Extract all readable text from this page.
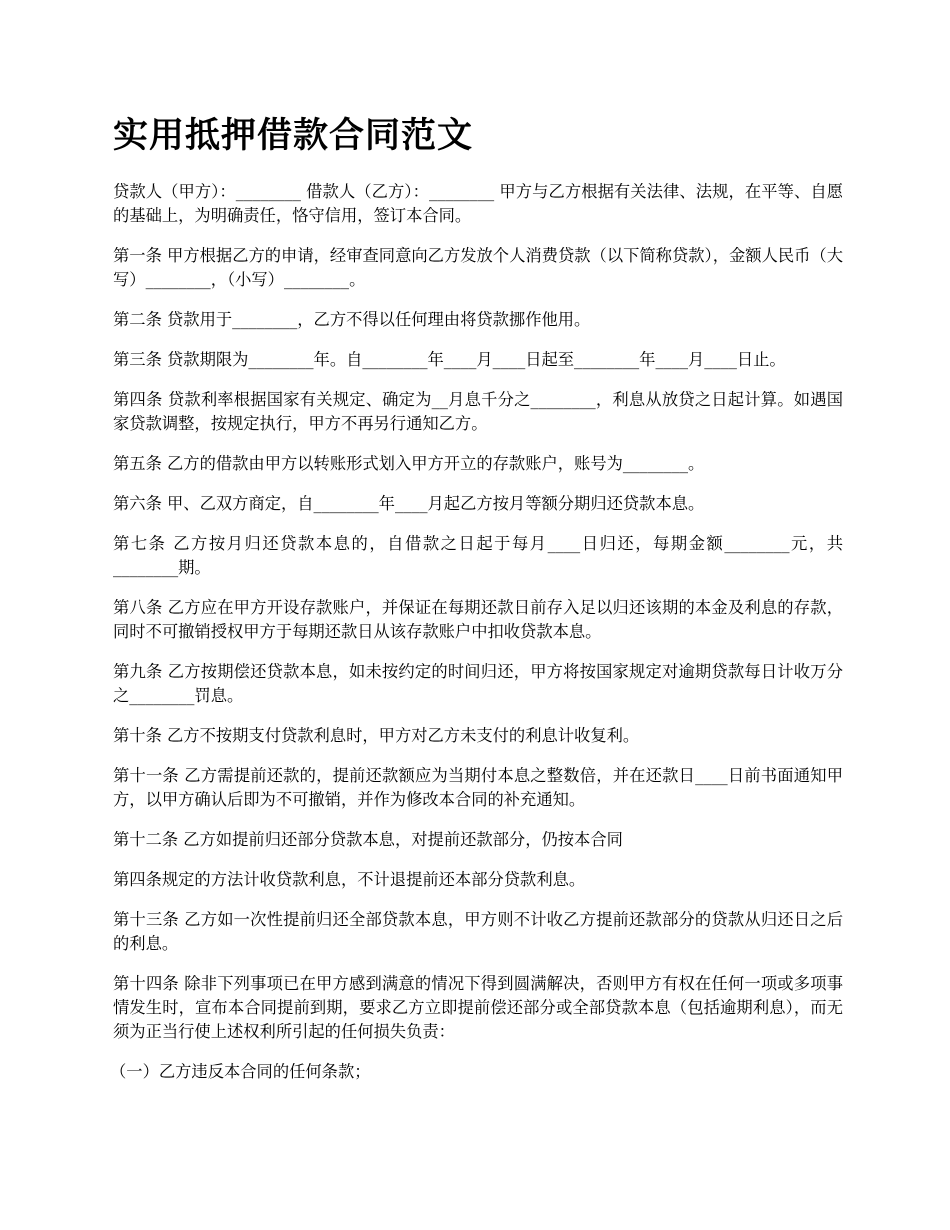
实用抵押借款合同范文

贷款人（甲方）：________ 借款人（乙方）：________ 甲方与乙方根据有关法律、法规，在平等、自愿的基础上，为明确责任，恪守信用，签订本合同。

第一条 甲方根据乙方的申请，经审查同意向乙方发放个人消费贷款（以下简称贷款），金额人民币（大写）________，（小写）________。

第二条 贷款用于________，乙方不得以任何理由将贷款挪作他用。

第三条 贷款期限为________年。自________年____月____日起至________年____月____日止。

第四条 贷款利率根据国家有关规定、确定为__月息千分之________，利息从放贷之日起计算。如遇国家贷款调整，按规定执行，甲方不再另行通知乙方。

第五条 乙方的借款由甲方以转账形式划入甲方开立的存款账户，账号为________。

第六条 甲、乙双方商定，自________年____月起乙方按月等额分期归还贷款本息。

第七条 乙方按月归还贷款本息的，自借款之日起于每月____日归还，每期金额________元，共________期。

第八条 乙方应在甲方开设存款账户，并保证在每期还款日前存入足以归还该期的本金及利息的存款，同时不可撤销授权甲方于每期还款日从该存款账户中扣收贷款本息。

第九条 乙方按期偿还贷款本息，如未按约定的时间归还，甲方将按国家规定对逾期贷款每日计收万分之________罚息。

第十条 乙方不按期支付贷款利息时，甲方对乙方未支付的利息计收复利。

第十一条 乙方需提前还款的，提前还款额应为当期付本息之整数倍，并在还款日____日前书面通知甲方，以甲方确认后即为不可撤销，并作为修改本合同的补充通知。

第十二条 乙方如提前归还部分贷款本息，对提前还款部分，仍按本合同

第四条规定的方法计收贷款利息，不计退提前还本部分贷款利息。

第十三条 乙方如一次性提前归还全部贷款本息，甲方则不计收乙方提前还款部分的贷款从归还日之后的利息。

第十四条 除非下列事项已在甲方感到满意的情况下得到圆满解决，否则甲方有权在任何一项或多项事情发生时，宣布本合同提前到期，要求乙方立即提前偿还部分或全部贷款本息（包括逾期利息），而无须为正当行使上述权利所引起的任何损失负责：

（一）乙方违反本合同的任何条款；
